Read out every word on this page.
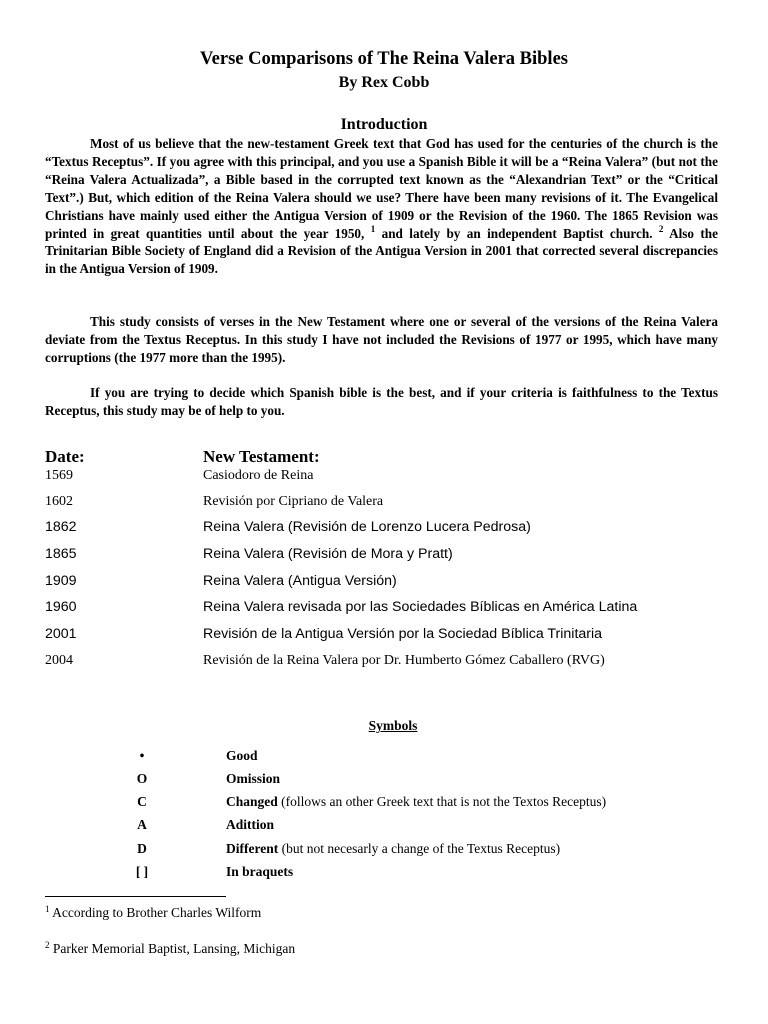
Verse Comparisons of The Reina Valera Bibles
By Rex Cobb
Introduction

Most of us believe that the new-testament Greek text that God has used for the centuries of the church is the “Textus Receptus”. If you agree with this principal, and you use a Spanish Bible it will be a “Reina Valera” (but not the “Reina Valera Actualizada”, a Bible based in the corrupted text known as the “Alexandrian Text” or the “Critical Text”.) But, which edition of the Reina Valera should we use? There have been many revisions of it. The Evangelical Christians have mainly used either the Antigua Version of 1909 or the Revision of the 1960. The 1865 Revision was printed in great quantities until about the year 1950, $^1$ and lately by an independent Baptist church. $^2$ Also the Trinitarian Bible Society of England did a Revision of the Antigua Version in 2001 that corrected several discrepancies in the Antigua Version of 1909.

This study consists of verses in the New Testament where one or several of the versions of the Reina Valera deviate from the Textus Receptus. In this study I have not included the Revisions of 1977 or 1995, which have many corruptions (the 1977 more than the 1995).

If you are trying to decide which Spanish bible is the best, and if your criteria is faithfulness to the Textus Receptus, this study may be of help to you.

Date:	New Testament:
1569	Casiodoro de Reina
1602	Revisión por Cipriano de Valera
1862	Reina Valera (Revisión de Lorenzo Lucera Pedrosa)
1865	Reina Valera (Revisión de Mora y Pratt)
1909	Reina Valera (Antigua Versión)
1960	Reina Valera revisada por las Sociedades Bíblicas en América Latina
2001	Revisión de la Antigua Versión por la Sociedad Bíblica Trinitaria
2004	Revisión de la Reina Valera por Dr. Humberto Gómez Caballero (RVG)
Symbols
•	Good
O	Omission
C	Changed (follows an other Greek text that is not the Textos Receptus)
A	Adittion
D	Different (but not necesarly a change of the Textus Receptus)
[ ]	In braquets
$^1$ According to Brother Charles Wilform
$^2$ Parker Memorial Baptist, Lansing, Michigan
